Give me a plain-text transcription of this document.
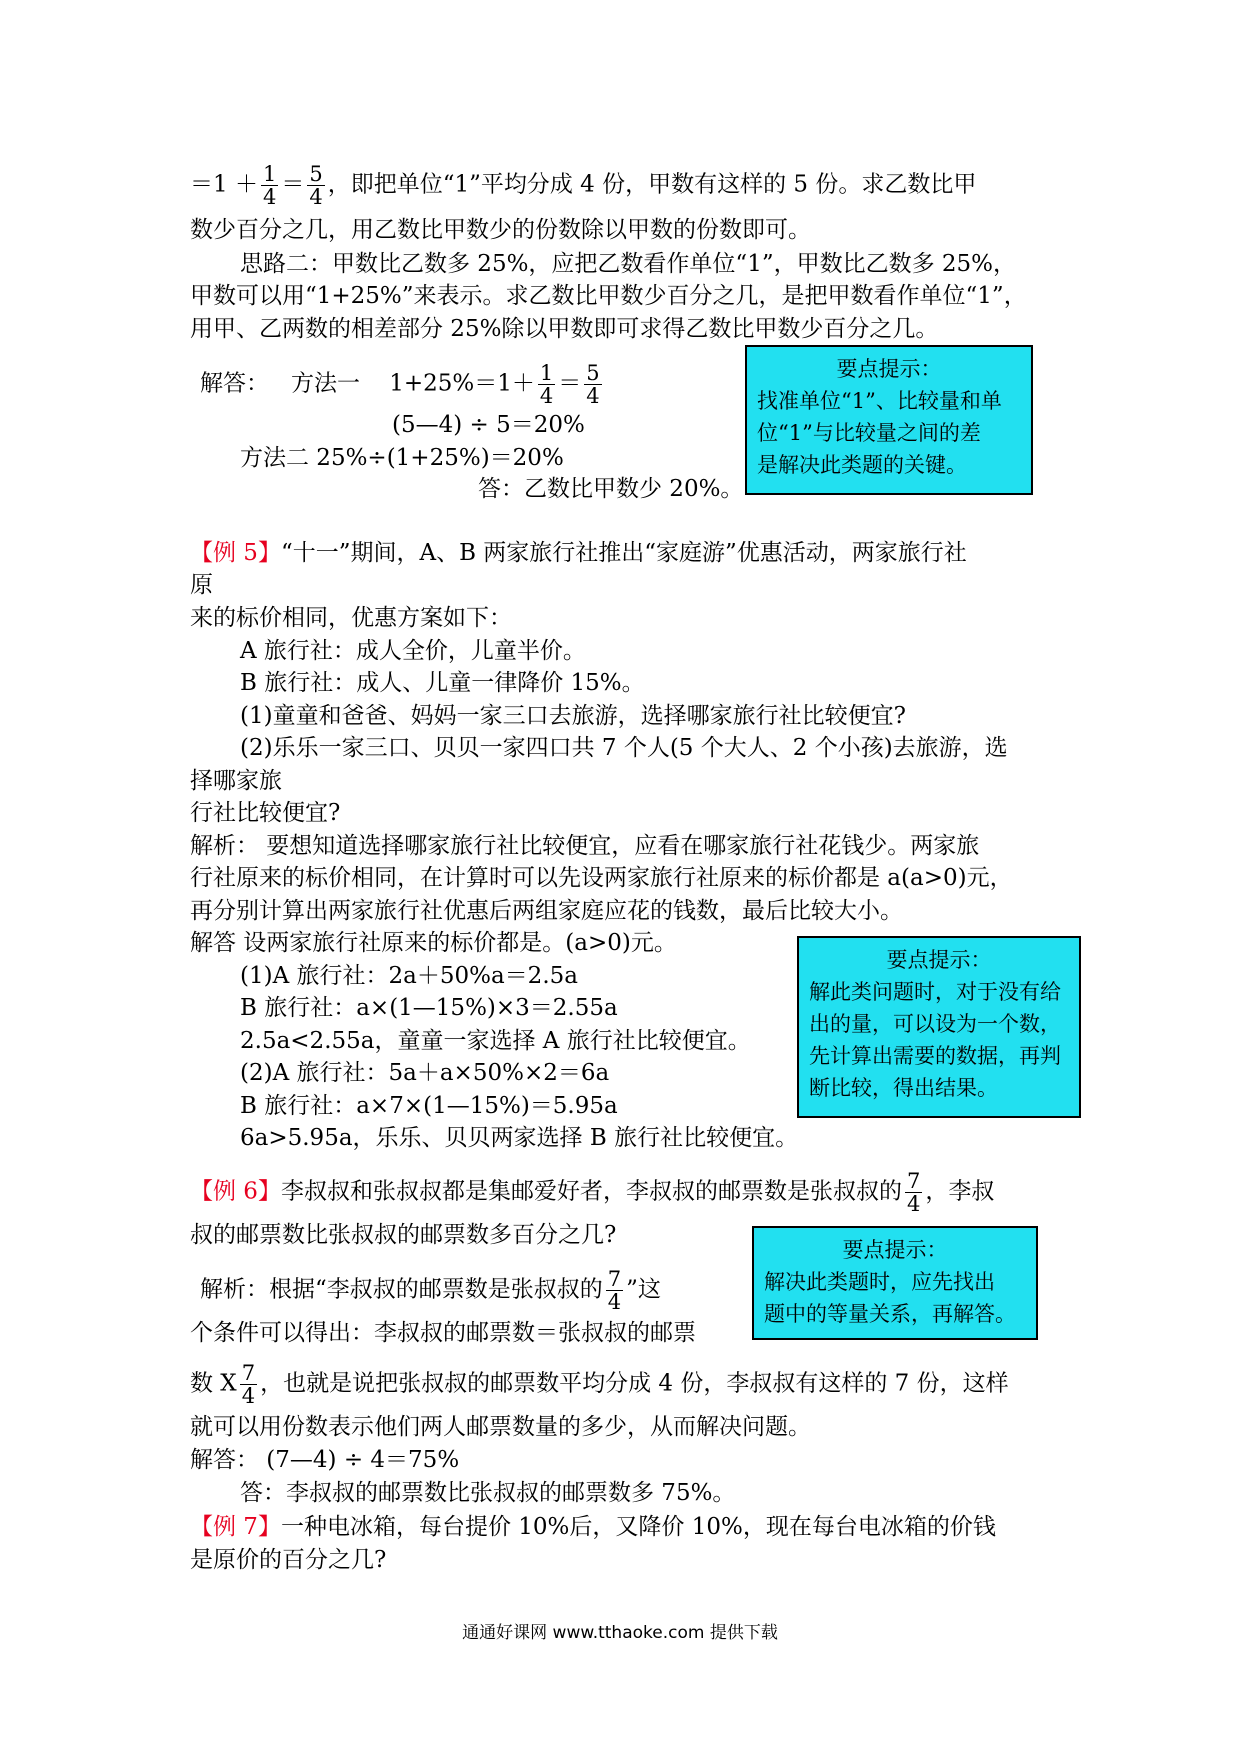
$=1 + \frac{1}{4} = \frac{5}{4}$ ，即把单位“1”平均分成 4 份，甲数有这样的 5 份。求乙数比甲
数少百分之几，用乙数比甲数少的份数除以甲数的份数即可。
思路二：甲数比乙数多 25%，应把乙数看作单位“1”，甲数比乙数多 25%，
甲数可以用“1+25%”来表示。求乙数比甲数少百分之几，是把甲数看作单位“1”，
用甲、乙两数的相差部分 25%除以甲数即可求得乙数比甲数少百分之几。
解答： 方法一 $1+25\%=1+ \frac{1}{4} = \frac{5}{4}$
(5—4) ÷ 5＝20%
方法二 25%÷(1+25%)＝20%
答：乙数比甲数少 20%。
要点提示：
找准单位“1”、比较量和单
位“1”与比较量之间的差
是解决此类题的关键。
【例 5】“十一”期间，A、B 两家旅行社推出“家庭游”优惠活动，两家旅行社
原
来的标价相同，优惠方案如下：
A 旅行社：成人全价，儿童半价。
B 旅行社：成人、儿童一律降价 15%。
(1)童童和爸爸、妈妈一家三口去旅游，选择哪家旅行社比较便宜?
(2)乐乐一家三口、贝贝一家四口共 7 个人(5 个大人、2 个小孩)去旅游，选
择哪家旅
行社比较便宜?
解析： 要想知道选择哪家旅行社比较便宜，应看在哪家旅行社花钱少。两家旅
行社原来的标价相同，在计算时可以先设两家旅行社原来的标价都是 a(a>0)元，
再分别计算出两家旅行社优惠后两组家庭应花的钱数，最后比较大小。
解答 设两家旅行社原来的标价都是。(a>0)元。
(1)A 旅行社：2a＋50%a＝2.5a
B 旅行社：a×(1—15%)×3＝2.55a
2.5a<2.55a，童童一家选择 A 旅行社比较便宜。
(2)A 旅行社：5a＋a×50%×2＝6a
B 旅行社：a×7×(1—15%)＝5.95a
6a>5.95a，乐乐、贝贝两家选择 B 旅行社比较便宜。
要点提示：
解此类问题时，对于没有给
出的量，可以设为一个数，
先计算出需要的数据，再判
断比较，得出结果。
【例 6】李叔叔和张叔叔都是集邮爱好者，李叔叔的邮票数是张叔叔的 $\frac{7}{4}$ ，李叔
叔的邮票数比张叔叔的邮票数多百分之几?
解析：根据“李叔叔的邮票数是张叔叔的 $\frac{7}{4}$ ”这
个条件可以得出：李叔叔的邮票数＝张叔叔的邮票
数 X $\frac{7}{4}$ ，也就是说把张叔叔的邮票数平均分成 4 份，李叔叔有这样的 7 份，这样
就可以用份数表示他们两人邮票数量的多少，从而解决问题。
解答： (7—4) ÷ 4＝75%
答：李叔叔的邮票数比张叔叔的邮票数多 75%。
要点提示：
解决此类题时，应先找出
题中的等量关系，再解答。
【例 7】一种电冰箱，每台提价 10%后，又降价 10%，现在每台电冰箱的价钱
是原价的百分之几?
通通好课网 www.tthaoke.com 提供下载
